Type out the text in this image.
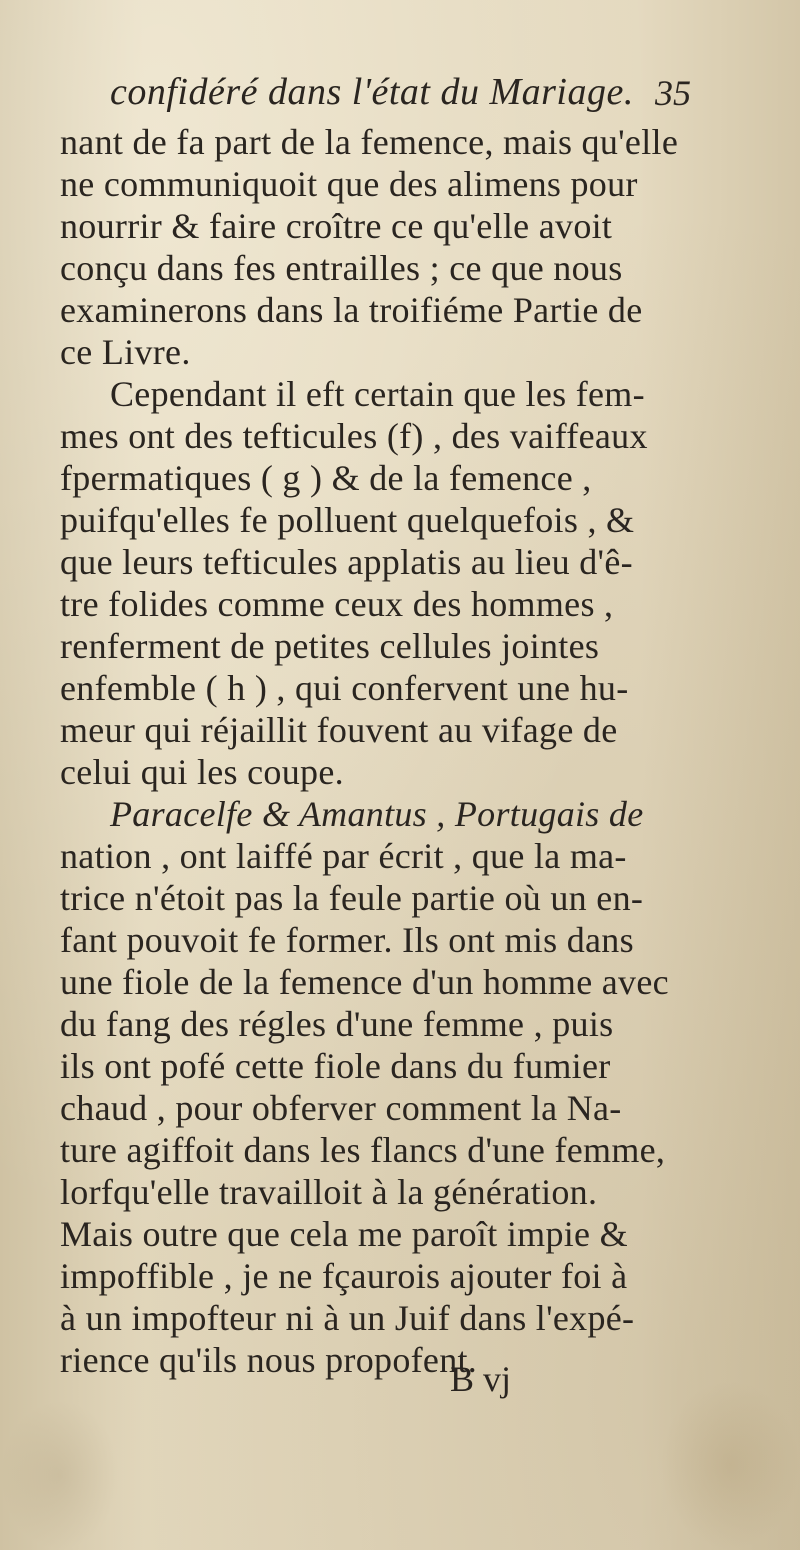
confidéré dans l'état du Mariage. 35
nant de fa part de la femence, mais qu'elle
ne communiquoit que des alimens pour
nourrir & faire croître ce qu'elle avoit
conçu dans fes entrailles ; ce que nous
examinerons dans la troifiéme Partie de
ce Livre.
Cependant il eft certain que les fem-
mes ont des tefticules (f) , des vaiffeaux
fpermatiques ( g ) & de la femence ,
puifqu'elles fe polluent quelquefois , &
que leurs tefticules applatis au lieu d'ê-
tre folides comme ceux des hommes ,
renferment de petites cellules jointes
enfemble ( h ) , qui confervent une hu-
meur qui réjaillit fouvent au vifage de
celui qui les coupe.
Paracelfe & Amantus , Portugais de
nation , ont laiffé par écrit , que la ma-
trice n'étoit pas la feule partie où un en-
fant pouvoit fe former. Ils ont mis dans
une fiole de la femence d'un homme avec
du fang des régles d'une femme , puis
ils ont pofé cette fiole dans du fumier
chaud , pour obferver comment la Na-
ture agiffoit dans les flancs d'une femme,
lorfqu'elle travailloit à la génération.
Mais outre que cela me paroît impie &
impoffible , je ne fçaurois ajouter foi à
à un impofteur ni à un Juif dans l'expé-
rience qu'ils nous propofent.
B vj
